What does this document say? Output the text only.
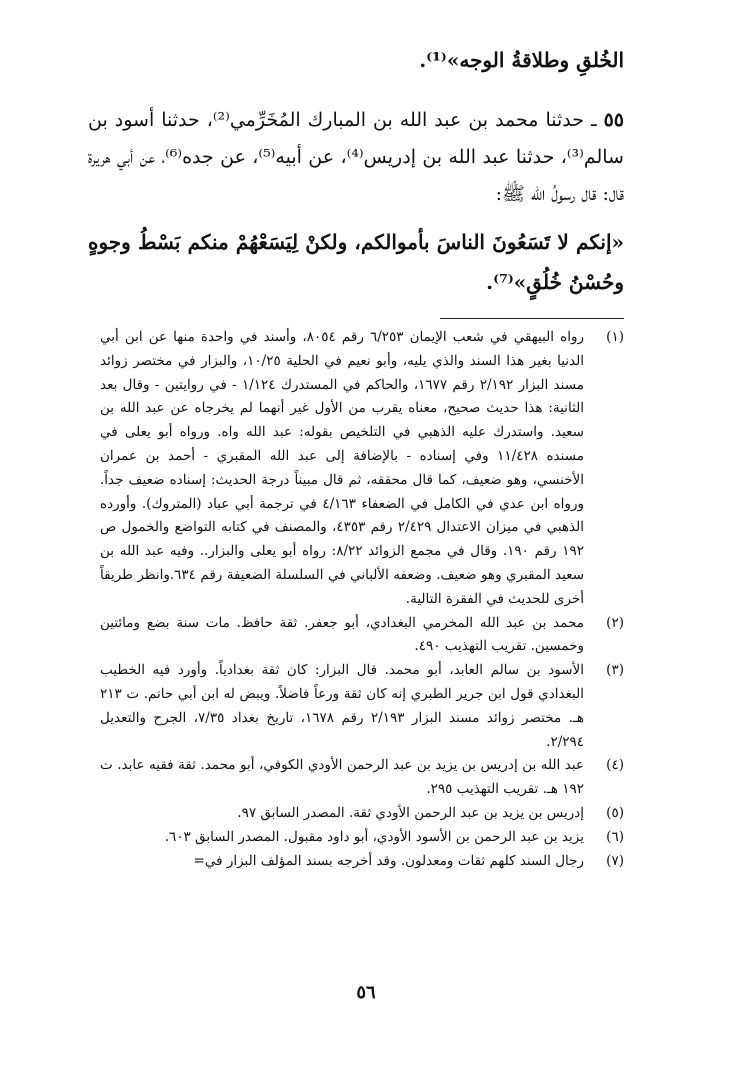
الخُلقِ وطلاقةُ الوجه»⁽¹⁾.
٥٥ ـ حدثنا محمد بن عبد الله بن المبارك المُخَرِّمي⁽²⁾، حدثنا أسود بن سالم⁽³⁾، حدثنا عبد الله بن إدريس⁽⁴⁾، عن أبيه⁽⁵⁾، عن جده⁽⁶⁾، عن أبي هريرة قال: قال رسولُ الله ﷺ:
«إنكم لا تَسَعُونَ الناسَ بأموالكم، ولكنْ لِيَسَعْهُمْ منكم بَسْطُ وجوهٍ وحُسْنُ خُلُقٍ»⁽⁷⁾.
(١)
رواه البيهقي في شعب الإيمان ٦/٢٥٣ رقم ٨٠٥٤، وأسند في واحدة منها عن ابن أبي الدنيا بغير هذا السند والذي يليه، وأبو نعيم في الحلية ١٠/٢٥، والبزار في مختصر زوائد مسند البزار ٢/١٩٢ رقم ١٦٧٧، والحاكم في المستدرك ١/١٢٤ - في روايتين - وقال بعد الثانية: هذا حديث صحيح، معناه يقرب من الأول غير أنهما لم يخرجاه عن عبد الله بن سعيد. واستدرك عليه الذهبي في التلخيص بقوله: عبد الله واه. ورواه أبو يعلى في مسنده ١١/٤٢٨ وفي إسناده - بالإضافة إلى عبد الله المقبري - أحمد بن عمران الأخنسي، وهو ضعيف، كما قال محققه، ثم قال مبيناً درجة الحديث: إسناده ضعيف جداً. ورواه ابن عدي في الكامل في الضعفاء ٤/١٦٣ في ترجمة أبي عباد (المتروك). وأورده الذهبي في ميزان الاعتدال ٢/٤٢٩ رقم ٤٣٥٣، والمصنف في كتابه التواضع والخمول ص ١٩٢ رقم ١٩٠. وقال في مجمع الزوائد ٨/٢٢: رواه أبو يعلى والبزار.. وفيه عبد الله بن سعيد المقبري وهو ضعيف. وضعفه الألباني في السلسلة الضعيفة رقم ٦٣٤.وانظر طريقاً أخرى للحديث في الفقرة التالية.
(٢)
محمد بن عبد الله المخرمي البغدادي، أبو جعفر. ثقة حافظ. مات سنة بضع ومائتين وخمسين. تقريب التهذيب ٤٩٠.
(٣)
الأسود بن سالم العابد، أبو محمد. قال البزار: كان ثقة بغدادياً. وأورد فيه الخطيب البغدادي قول ابن جرير الطبري إنه كان ثقة ورعاً فاضلاً. ويبض له ابن أبي حاتم. ت ٢١٣ هـ. مختصر زوائد مسند البزار ٢/١٩٣ رقم ١٦٧٨، تاريخ بغداد ٧/٣٥، الجرح والتعديل ٢/٢٩٤.
(٤)
عبد الله بن إدريس بن يزيد بن عبد الرحمن الأودي الكوفي، أبو محمد. ثقة فقيه عابد. ت ١٩٢ هـ. تقريب التهذيب ٢٩٥.
(٥)
إدريس بن يزيد بن عبد الرحمن الأودي ثقة. المصدر السابق ٩٧.
(٦)
يزيد بن عبد الرحمن بن الأسود الأودي، أبو داود مقبول. المصدر السابق ٦٠٣.
(٧)
رجال السند كلهم ثقات ومعدلون. وقد أخرجه بسند المؤلف البزار في=
٥٦
